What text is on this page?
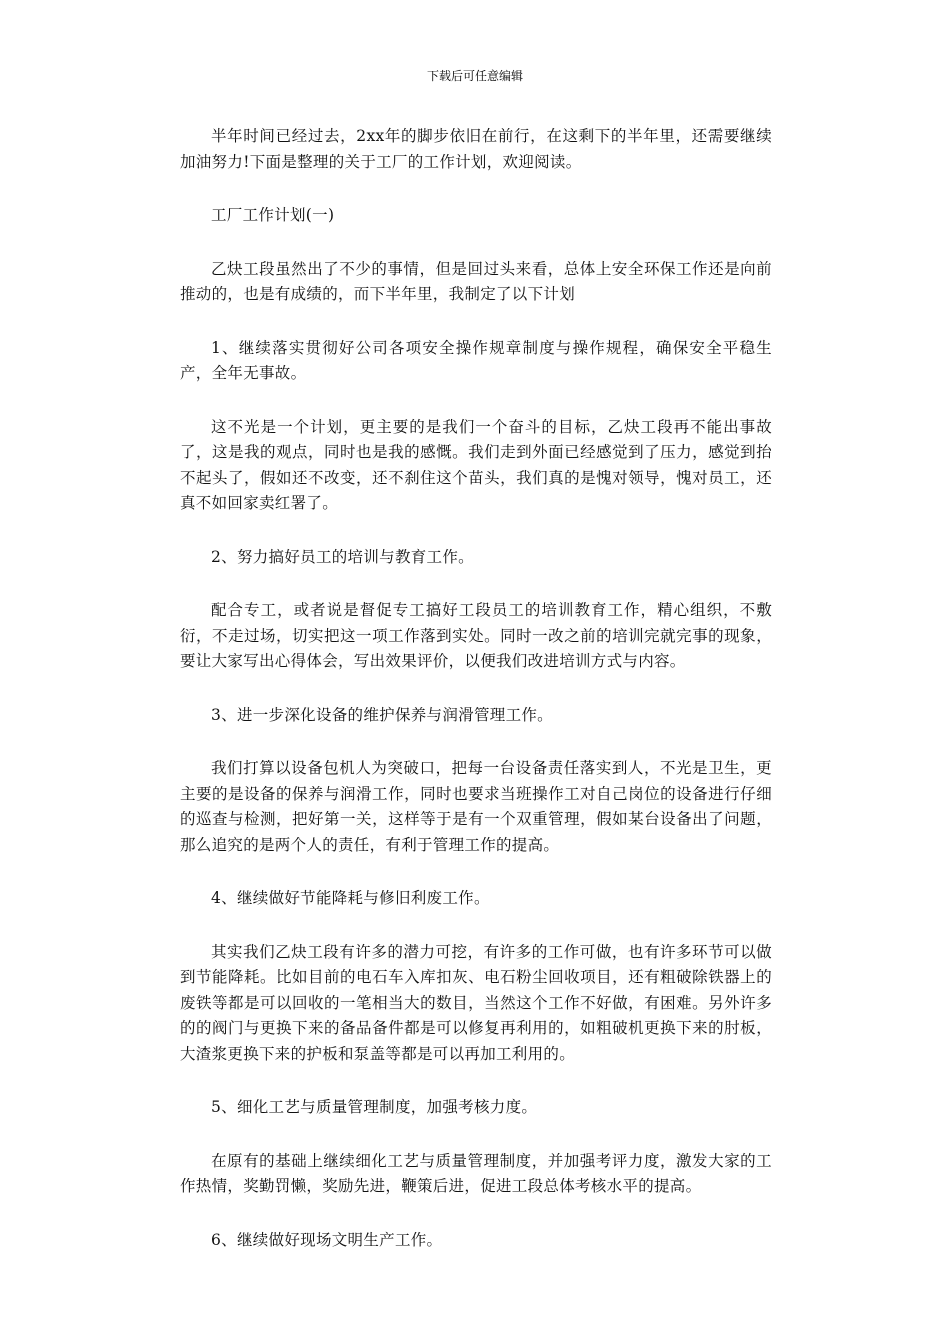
下载后可任意编辑

半年时间已经过去，2xx年的脚步依旧在前行，在这剩下的半年里，还需要继续加油努力!下面是整理的关于工厂的工作计划，欢迎阅读。

工厂工作计划(一)

乙炔工段虽然出了不少的事情，但是回过头来看，总体上安全环保工作还是向前推动的，也是有成绩的，而下半年里，我制定了以下计划

1、继续落实贯彻好公司各项安全操作规章制度与操作规程，确保安全平稳生产，全年无事故。

这不光是一个计划，更主要的是我们一个奋斗的目标，乙炔工段再不能出事故了，这是我的观点，同时也是我的感慨。我们走到外面已经感觉到了压力，感觉到抬不起头了，假如还不改变，还不刹住这个苗头，我们真的是愧对领导，愧对员工，还真不如回家卖红署了。

2、努力搞好员工的培训与教育工作。

配合专工，或者说是督促专工搞好工段员工的培训教育工作，精心组织，不敷衍，不走过场，切实把这一项工作落到实处。同时一改之前的培训完就完事的现象，要让大家写出心得体会，写出效果评价，以便我们改进培训方式与内容。

3、进一步深化设备的维护保养与润滑管理工作。

我们打算以设备包机人为突破口，把每一台设备责任落实到人，不光是卫生，更主要的是设备的保养与润滑工作，同时也要求当班操作工对自己岗位的设备进行仔细的巡查与检测，把好第一关，这样等于是有一个双重管理，假如某台设备出了问题，那么追究的是两个人的责任，有利于管理工作的提高。

4、继续做好节能降耗与修旧利废工作。

其实我们乙炔工段有许多的潜力可挖，有许多的工作可做，也有许多环节可以做到节能降耗。比如目前的电石车入库扣灰、电石粉尘回收项目，还有粗破除铁器上的废铁等都是可以回收的一笔相当大的数目，当然这个工作不好做，有困难。另外许多的的阀门与更换下来的备品备件都是可以修复再利用的，如粗破机更换下来的肘板，大渣浆更换下来的护板和泵盖等都是可以再加工利用的。

5、细化工艺与质量管理制度，加强考核力度。

在原有的基础上继续细化工艺与质量管理制度，并加强考评力度，激发大家的工作热情，奖勤罚懒，奖励先进，鞭策后进，促进工段总体考核水平的提高。

6、继续做好现场文明生产工作。
